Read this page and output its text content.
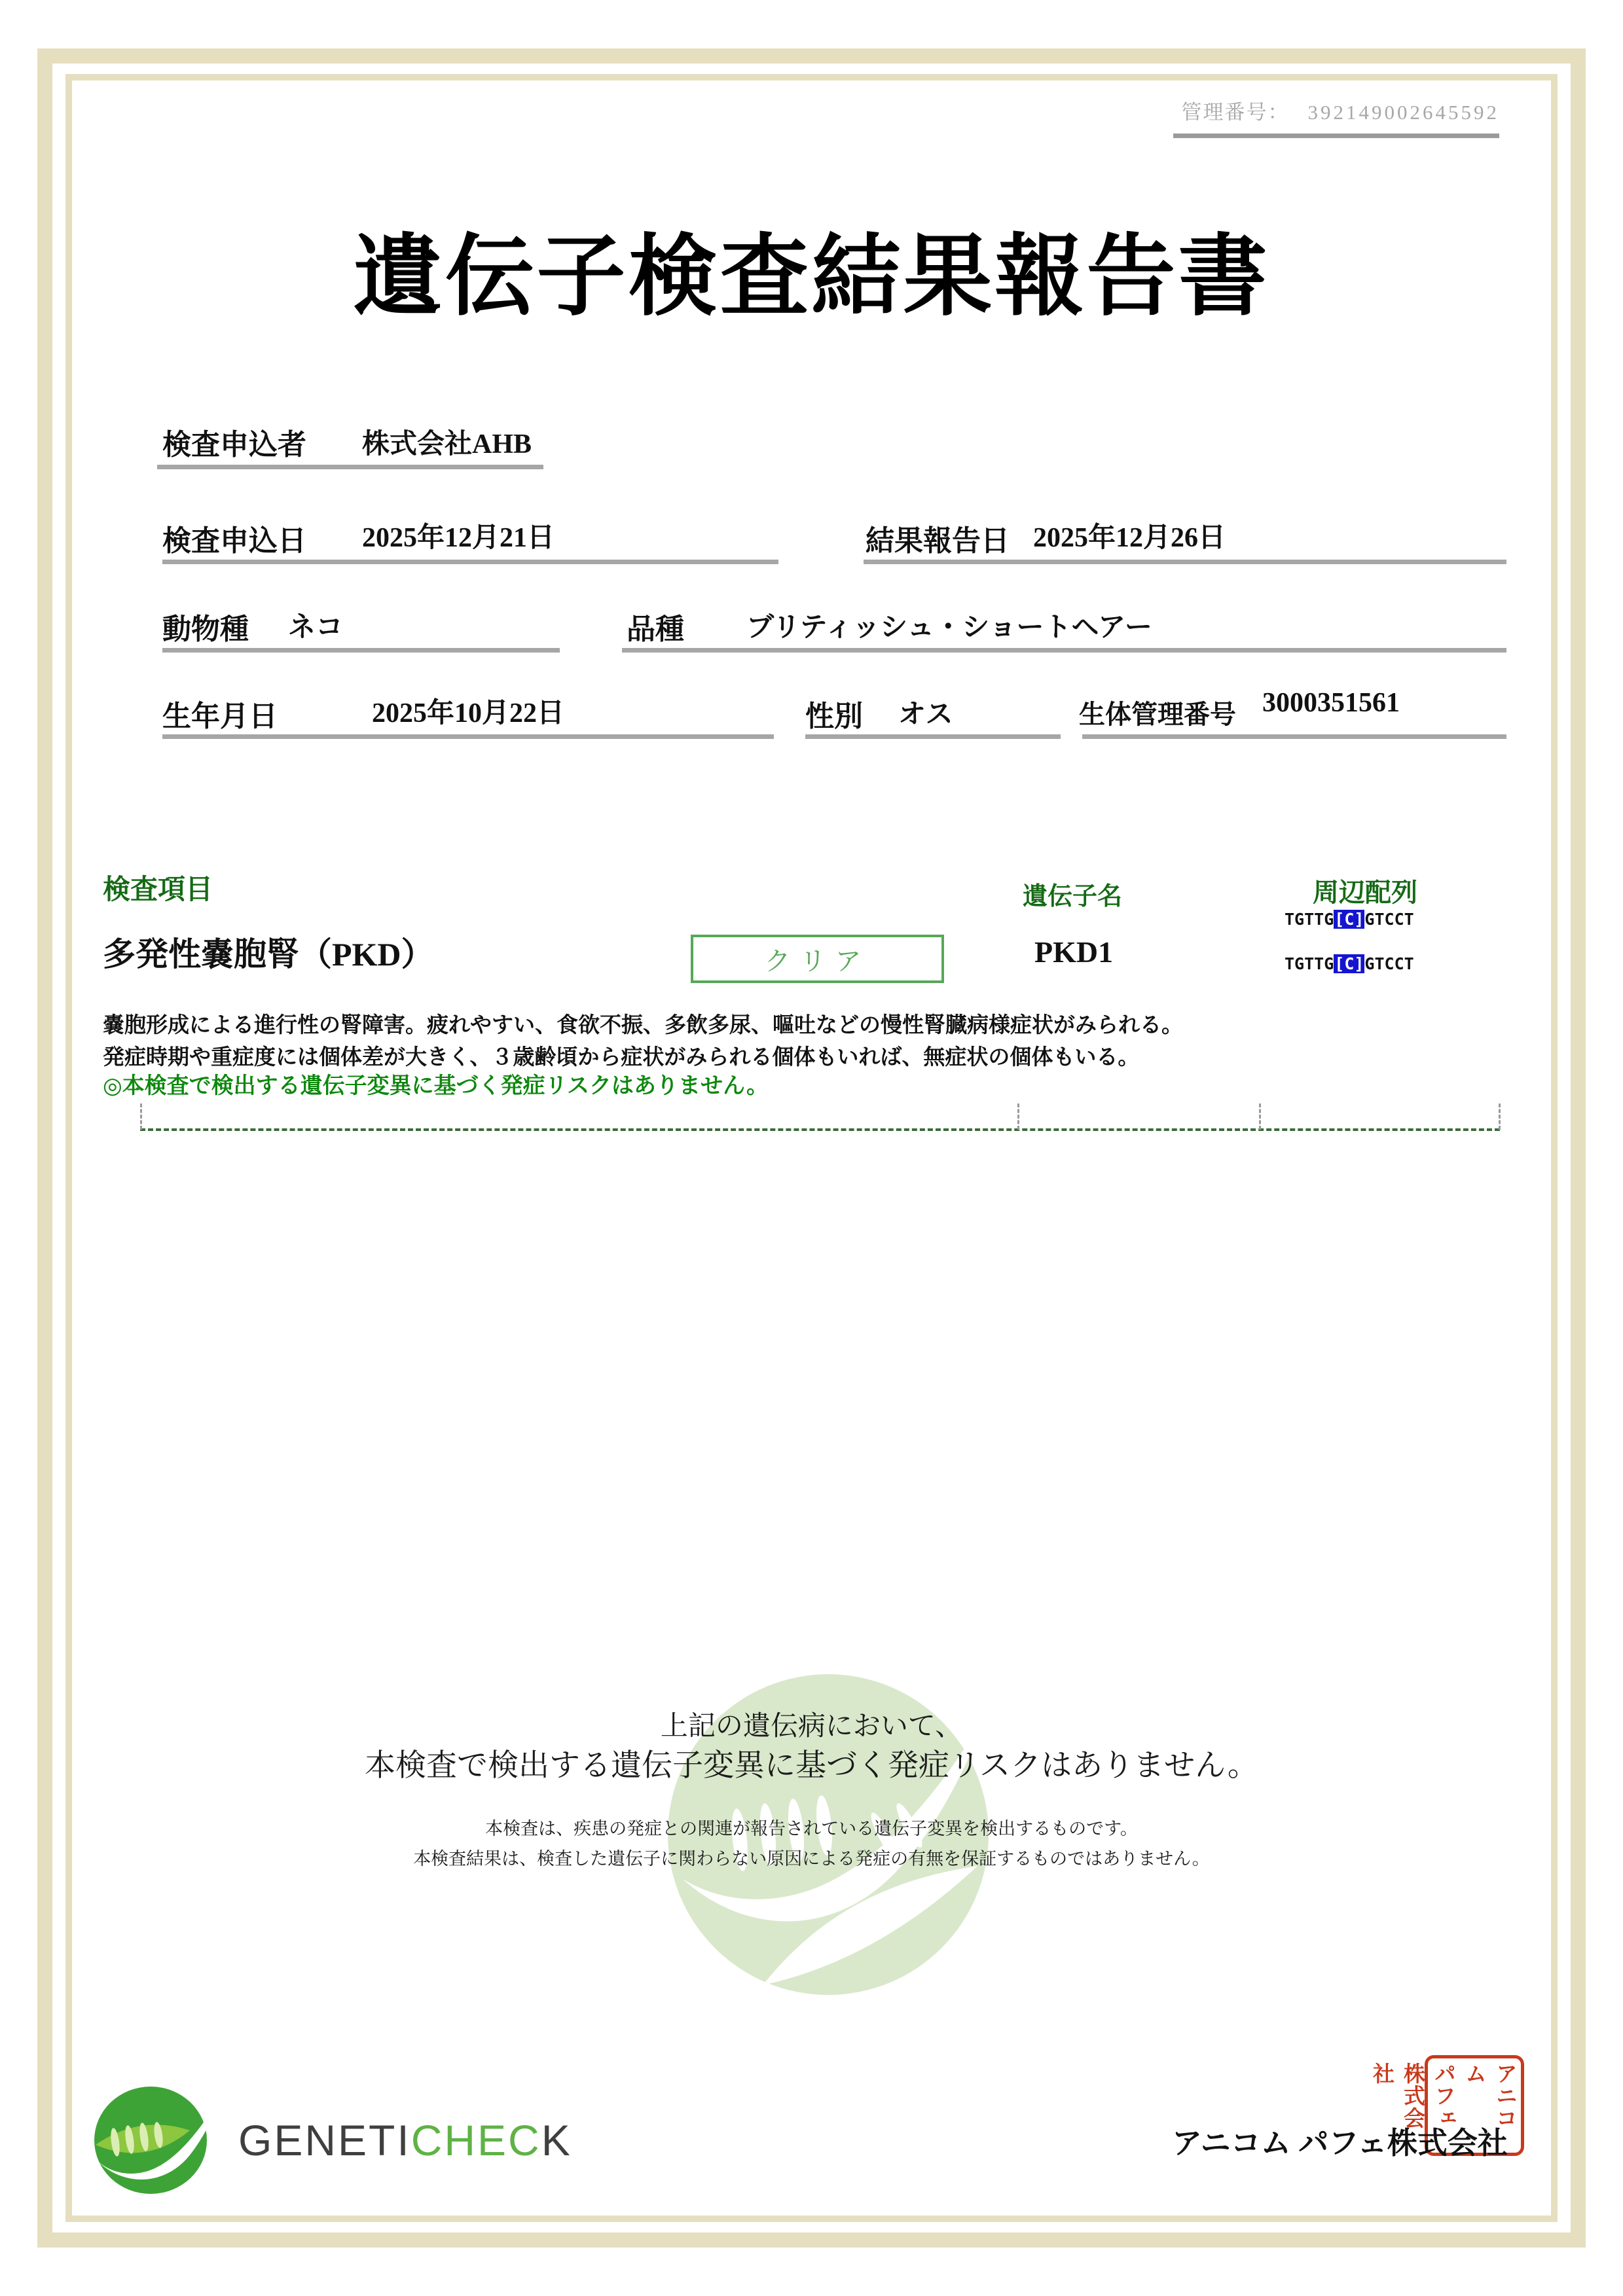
管理番号： 392149002645592
遺伝子検査結果報告書
検査申込者 株式会社AHB
検査申込日 2025年12月21日	結果報告日 2025年12月26日
動物種 ネコ	品種 ブリティッシュ・ショートヘアー
生年月日	2025年10月22日	性別 オス	生体管理番号 3000351561
検査項目	遺伝子名	周辺配列
多発性嚢胞腎（PKD）	クリア	PKD1
TGTTG[C]GTCCT
TGTTG[C]GTCCT
嚢胞形成による進行性の腎障害。疲れやすい、食欲不振、多飲多尿、嘔吐などの慢性腎臓病様症状がみられる。
発症時期や重症度には個体差が大きく、３歳齢頃から症状がみられる個体もいれば、無症状の個体もいる。
◎本検査で検出する遺伝子変異に基づく発症リスクはありません。
上記の遺伝病において、
本検査で検出する遺伝子変異に基づく発症リスクはありません。
本検査は、疾患の発症との関連が報告されている遺伝子変異を検出するものです。
本検査結果は、検査した遺伝子に関わらない原因による発症の有無を保証するものではありません。
GENETICHECK	アニコム パフェ株式会社
アニコム
パフェ
株式会社
